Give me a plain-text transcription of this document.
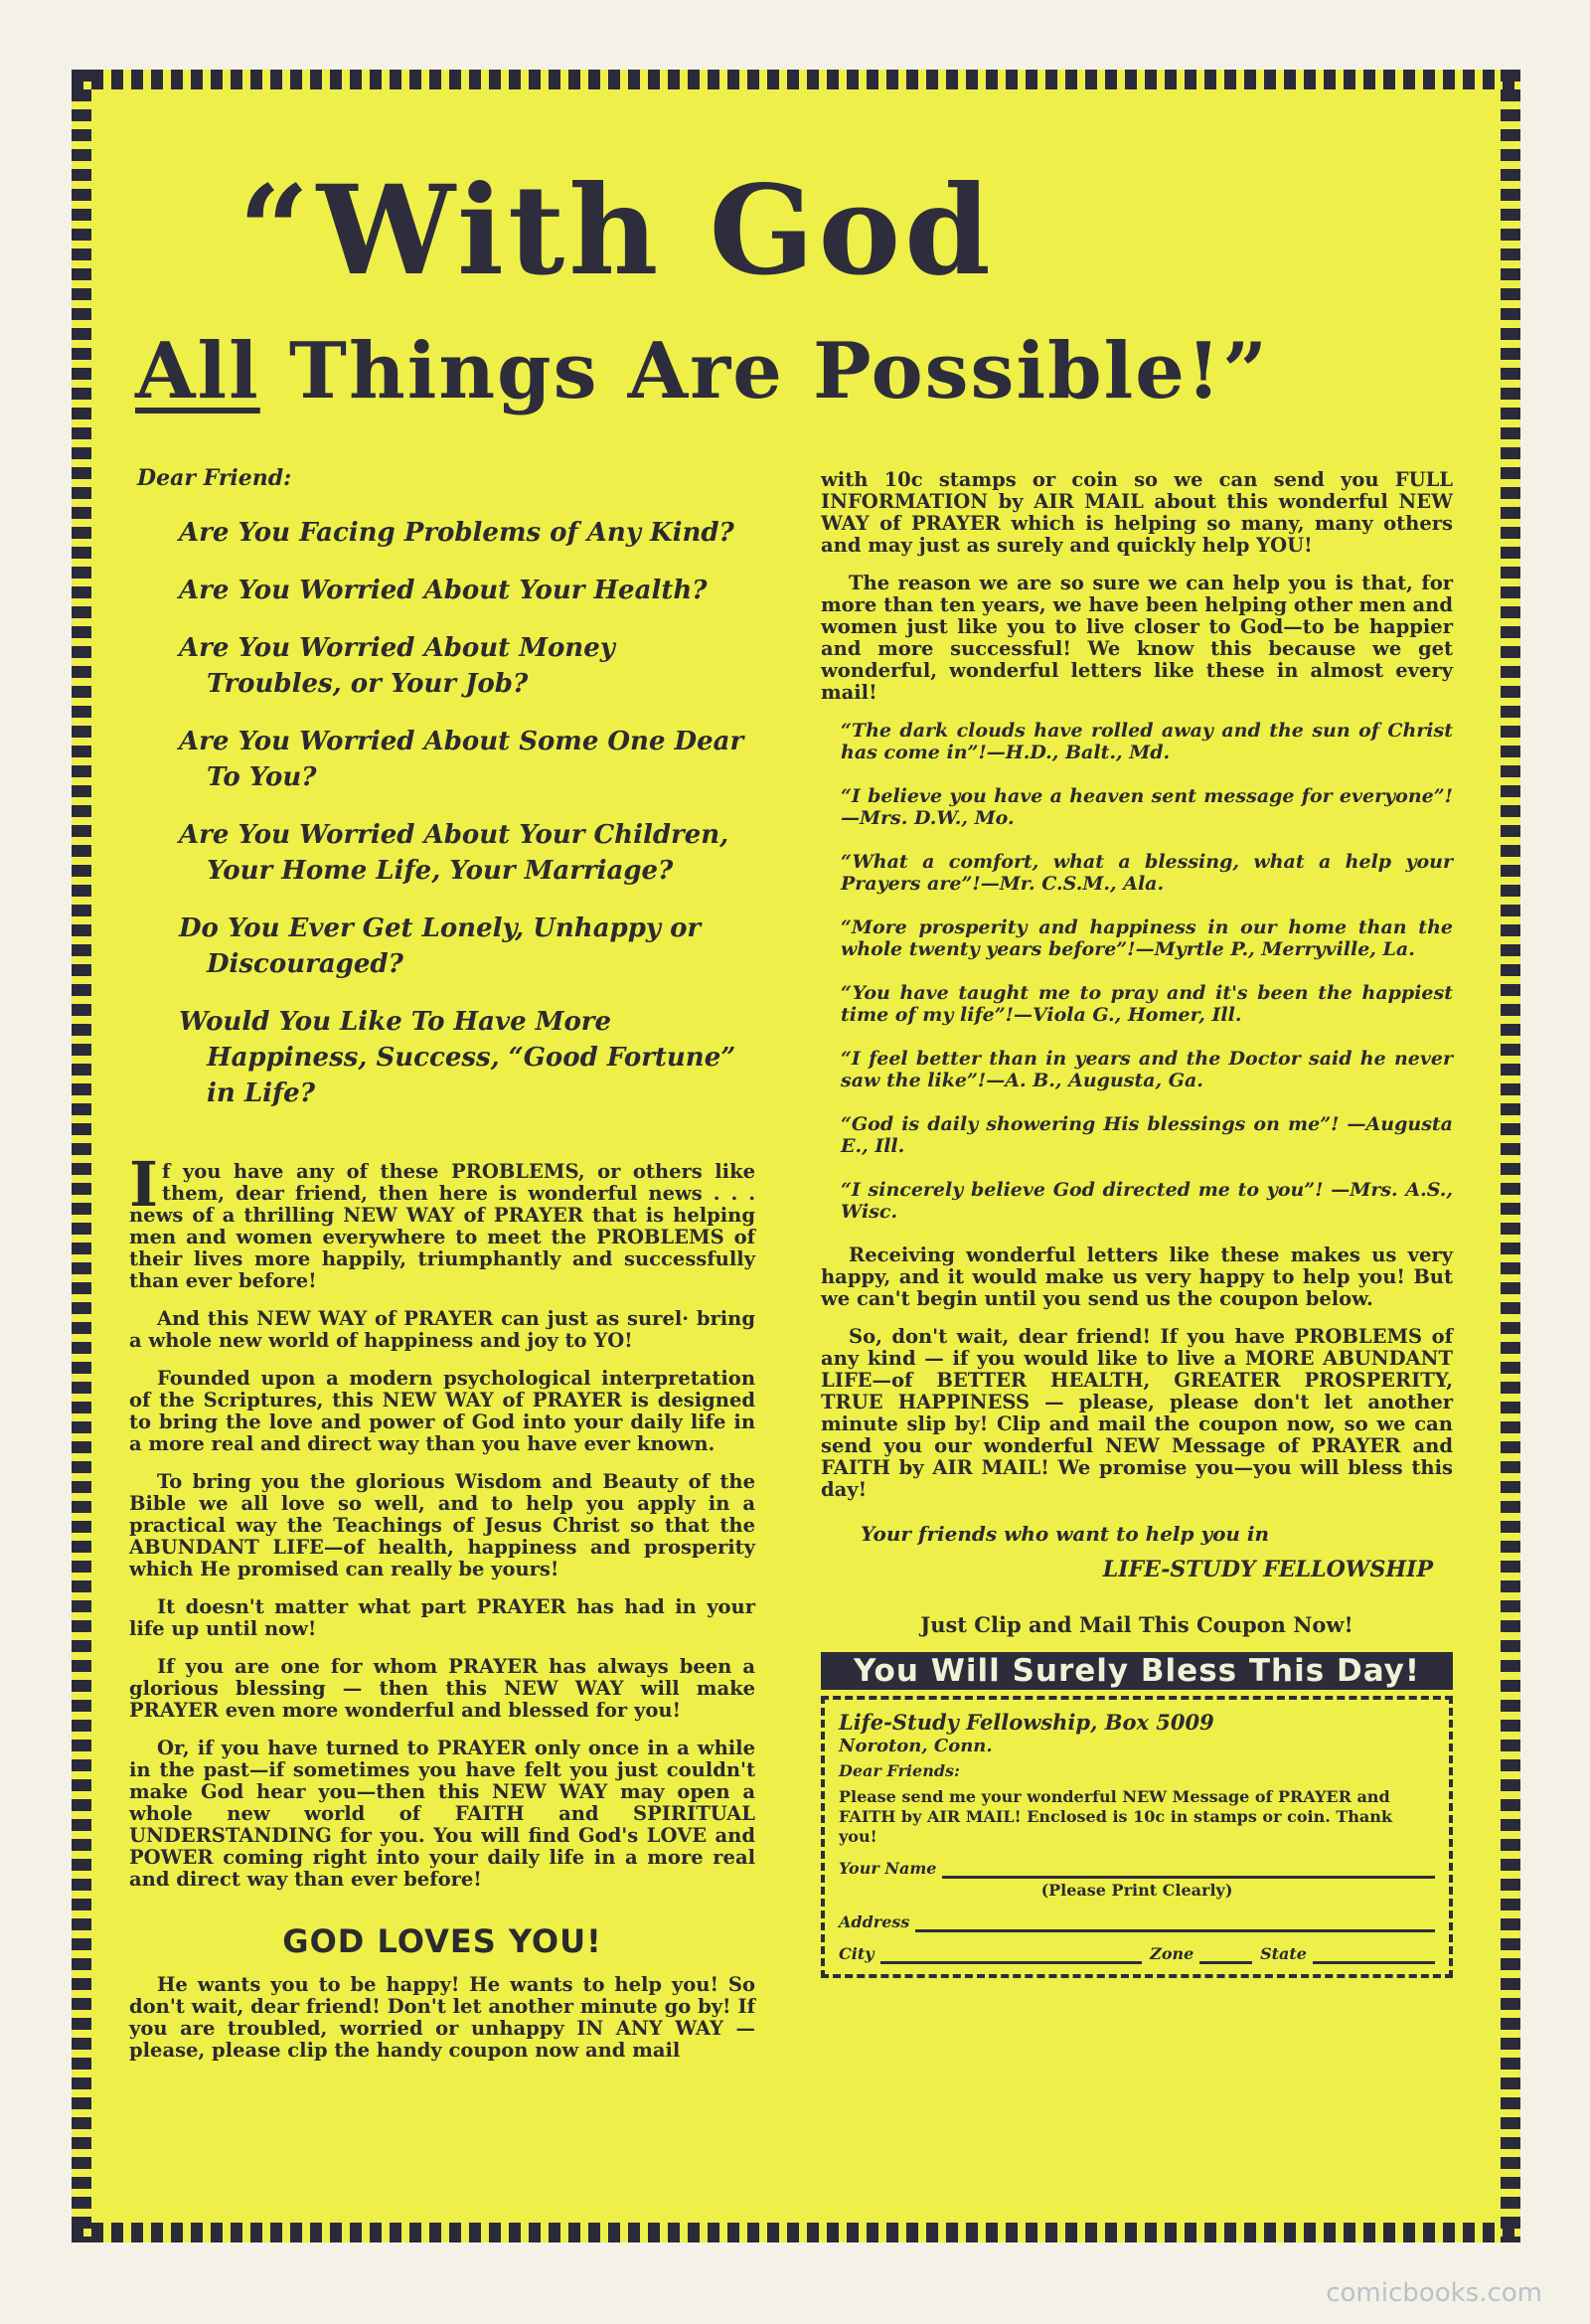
“With God
All Things Are Possible!”
Dear Friend:
Are You Facing Problems of Any Kind?
Are You Worried About Your Health?
Are You Worried About Money Troubles, or Your Job?
Are You Worried About Some One Dear To You?
Are You Worried About Your Children, Your Home Life, Your Marriage?
Do You Ever Get Lonely, Unhappy or Discouraged?
Would You Like To Have More Happiness, Success, “Good Fortune” in Life?
If you have any of these PROBLEMS, or others like them, dear friend, then here is wonderful news . . . news of a thrilling NEW WAY of PRAYER that is helping men and women everywhere to meet the PROBLEMS of their lives more happily, triumphantly and successfully than ever before!
And this NEW WAY of PRAYER can just as surel· bring a whole new world of happiness and joy to YO!
Founded upon a modern psychological interpretation of the Scriptures, this NEW WAY of PRAYER is designed to bring the love and power of God into your daily life in a more real and direct way than you have ever known.
To bring you the glorious Wisdom and Beauty of the Bible we all love so well, and to help you apply in a practical way the Teachings of Jesus Christ so that the ABUNDANT LIFE—of health, happiness and prosperity which He promised can really be yours!
It doesn't matter what part PRAYER has had in your life up until now!
If you are one for whom PRAYER has always been a glorious blessing — then this NEW WAY will make PRAYER even more wonderful and blessed for you!
Or, if you have turned to PRAYER only once in a while in the past—if sometimes you have felt you just couldn't make God hear you—then this NEW WAY may open a whole new world of FAITH and SPIRITUAL UNDERSTANDING for you. You will find God's LOVE and POWER coming right into your daily life in a more real and direct way than ever before!
GOD LOVES YOU!
He wants you to be happy! He wants to help you! So don't wait, dear friend! Don't let another minute go by! If you are troubled, worried or unhappy IN ANY WAY —please, please clip the handy coupon now and mail
with 10c stamps or coin so we can send you FULL INFORMATION by AIR MAIL about this wonderful NEW WAY of PRAYER which is helping so many, many others and may just as surely and quickly help YOU!
The reason we are so sure we can help you is that, for more than ten years, we have been helping other men and women just like you to live closer to God—to be happier and more successful! We know this because we get wonderful, wonderful letters like these in almost every mail!
“The dark clouds have rolled away and the sun of Christ has come in”!—H.D., Balt., Md.
“I believe you have a heaven sent message for everyone”!—Mrs. D.W., Mo.
“What a comfort, what a blessing, what a help your Prayers are”!—Mr. C.S.M., Ala.
“More prosperity and happiness in our home than the whole twenty years before”!—Myrtle P., Merryville, La.
“You have taught me to pray and it's been the happiest time of my life”!—Viola G., Homer, Ill.
“I feel better than in years and the Doctor said he never saw the like”!—A. B., Augusta, Ga.
“God is daily showering His blessings on me”! —Augusta E., Ill.
“I sincerely believe God directed me to you”! —Mrs. A.S., Wisc.
Receiving wonderful letters like these makes us very happy, and it would make us very happy to help you! But we can't begin until you send us the coupon below.
So, don't wait, dear friend! If you have PROBLEMS of any kind — if you would like to live a MORE ABUNDANT LIFE—of BETTER HEALTH, GREATER PROSPERITY, TRUE HAPPINESS — please, please don't let another minute slip by! Clip and mail the coupon now, so we can send you our wonderful NEW Message of PRAYER and FAITH by AIR MAIL! We promise you—you will bless this day!
Your friends who want to help you in
LIFE-STUDY FELLOWSHIP
Just Clip and Mail This Coupon Now!
You Will Surely Bless This Day!
Life-Study Fellowship, Box 5009
Noroton, Conn.
Dear Friends:
Please send me your wonderful NEW Message of PRAYER and FAITH by AIR MAIL! Enclosed is 10c in stamps or coin. Thank you!
Your Name
(Please Print Clearly)
Address
City	Zone	State
comicbooks.com
